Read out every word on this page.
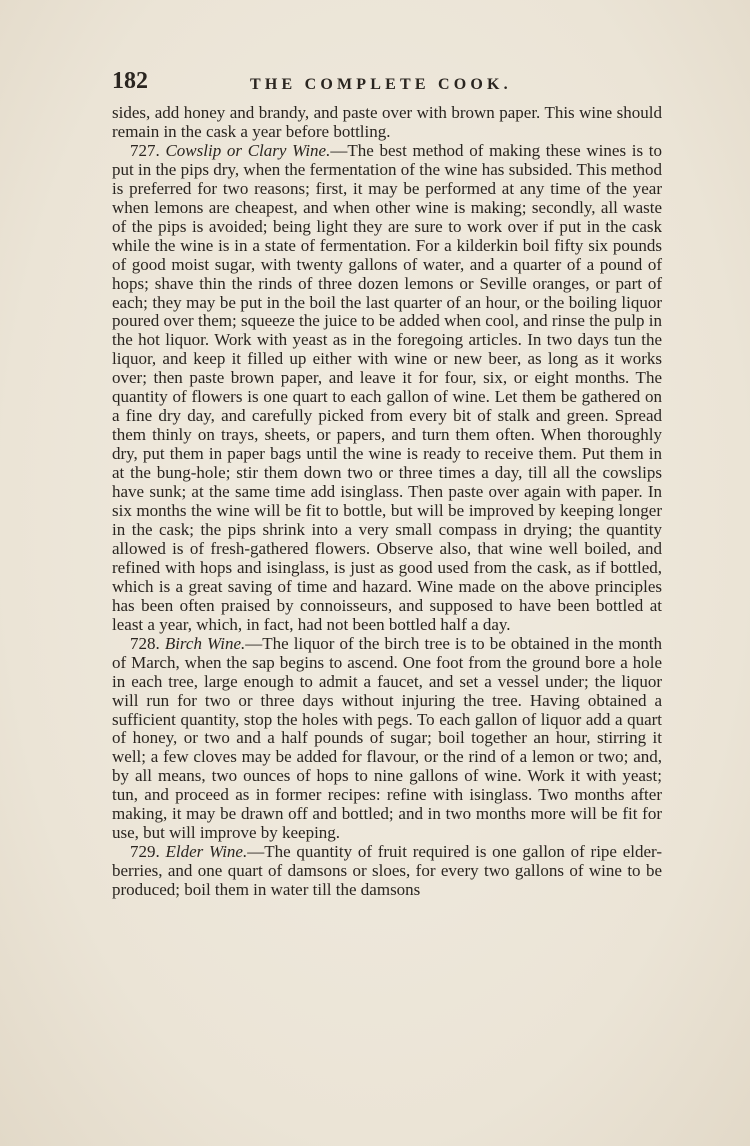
182	THE COMPLETE COOK.

sides, add honey and brandy, and paste over with brown paper. This wine should remain in the cask a year before bottling.

727. Cowslip or Clary Wine.—The best method of making these wines is to put in the pips dry, when the fermentation of the wine has subsided. This method is preferred for two reasons; first, it may be performed at any time of the year when lemons are cheapest, and when other wine is making; secondly, all waste of the pips is avoided; being light they are sure to work over if put in the cask while the wine is in a state of fermentation. For a kilderkin boil fifty six pounds of good moist sugar, with twenty gallons of water, and a quarter of a pound of hops; shave thin the rinds of three dozen lemons or Seville oranges, or part of each; they may be put in the boil the last quarter of an hour, or the boiling liquor poured over them; squeeze the juice to be added when cool, and rinse the pulp in the hot liquor. Work with yeast as in the foregoing articles. In two days tun the liquor, and keep it filled up either with wine or new beer, as long as it works over; then paste brown paper, and leave it for four, six, or eight months. The quantity of flowers is one quart to each gallon of wine. Let them be gathered on a fine dry day, and carefully picked from every bit of stalk and green. Spread them thinly on trays, sheets, or papers, and turn them often. When thoroughly dry, put them in paper bags until the wine is ready to receive them. Put them in at the bung-hole; stir them down two or three times a day, till all the cowslips have sunk; at the same time add isinglass. Then paste over again with paper. In six months the wine will be fit to bottle, but will be improved by keeping longer in the cask; the pips shrink into a very small compass in drying; the quantity allowed is of fresh-gathered flowers. Observe also, that wine well boiled, and refined with hops and isinglass, is just as good used from the cask, as if bottled, which is a great saving of time and hazard. Wine made on the above principles has been often praised by connoisseurs, and supposed to have been bottled at least a year, which, in fact, had not been bottled half a day.

728. Birch Wine.—The liquor of the birch tree is to be obtained in the month of March, when the sap begins to ascend. One foot from the ground bore a hole in each tree, large enough to admit a faucet, and set a vessel under; the liquor will run for two or three days without injuring the tree. Having obtained a sufficient quantity, stop the holes with pegs. To each gallon of liquor add a quart of honey, or two and a half pounds of sugar; boil together an hour, stirring it well; a few cloves may be added for flavour, or the rind of a lemon or two; and, by all means, two ounces of hops to nine gallons of wine. Work it with yeast; tun, and proceed as in former recipes: refine with isinglass. Two months after making, it may be drawn off and bottled; and in two months more will be fit for use, but will improve by keeping.

729. Elder Wine.—The quantity of fruit required is one gallon of ripe elder-berries, and one quart of damsons or sloes, for every two gallons of wine to be produced; boil them in water till the damsons
